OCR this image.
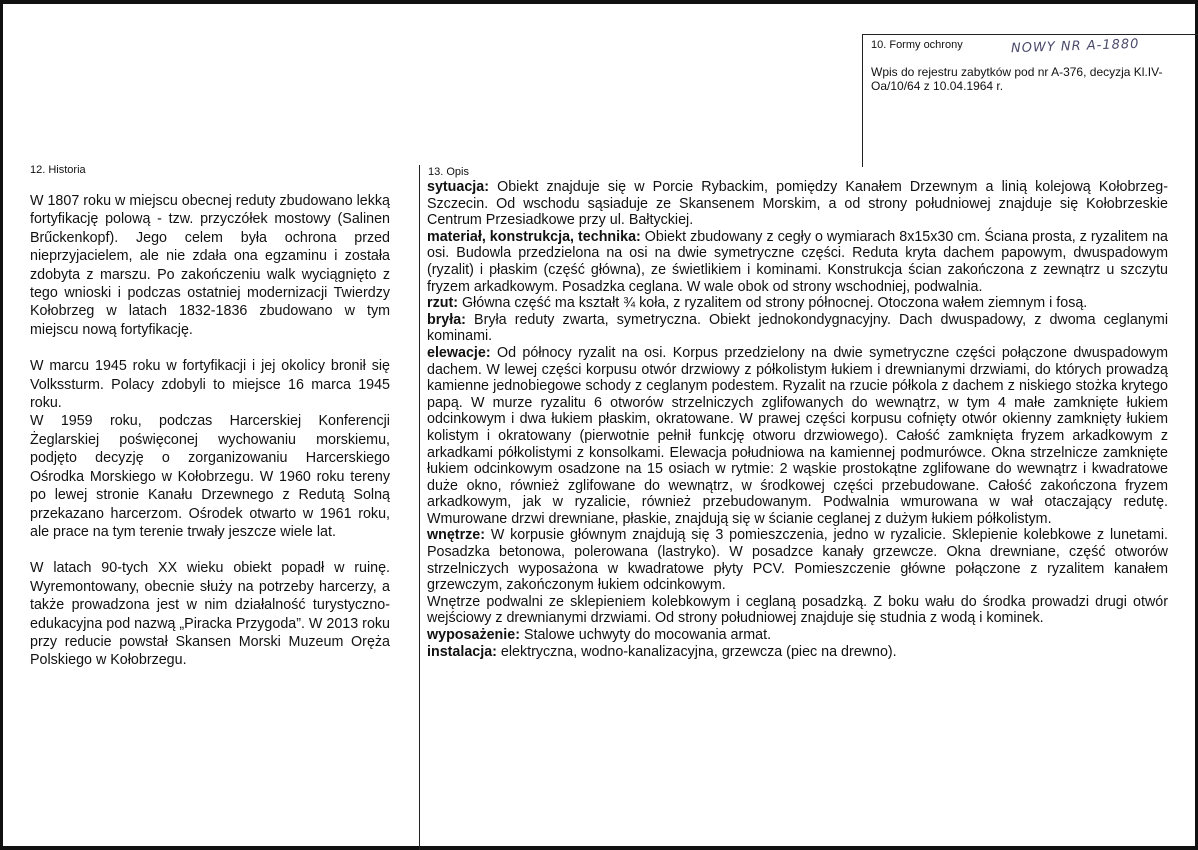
10. Formy ochrony	NOWY NR A-1880
Wpis do rejestru zabytków pod nr A-376, decyzja Kl.IV-Oa/10/64 z 10.04.1964 r.
12. Historia

W 1807 roku w miejscu obecnej reduty zbudowano lekką fortyfikację polową - tzw. przyczółek mostowy (Salinen Brűckenkopf). Jego celem była ochrona przed nieprzyjacielem, ale nie zdała ona egzaminu i została zdobyta z marszu. Po zakończeniu walk wyciągnięto z tego wnioski i podczas ostatniej modernizacji Twierdzy Kołobrzeg w latach 1832-1836 zbudowano w tym miejscu nową fortyfikację.

W marcu 1945 roku w fortyfikacji i jej okolicy bronił się Volkssturm. Polacy zdobyli to miejsce 16 marca 1945 roku.

W 1959 roku, podczas Harcerskiej Konferencji Żeglarskiej poświęconej wychowaniu morskiemu, podjęto decyzję o zorganizowaniu Harcerskiego Ośrodka Morskiego w Kołobrzegu. W 1960 roku tereny po lewej stronie Kanału Drzewnego z Redutą Solną przekazano harcerzom. Ośrodek otwarto w 1961 roku, ale prace na tym terenie trwały jeszcze wiele lat.

W latach 90-tych XX wieku obiekt popadł w ruinę. Wyremontowany, obecnie służy na potrzeby harcerzy, a także prowadzona jest w nim działalność turystyczno-edukacyjna pod nazwą „Piracka Przygoda”. W 2013 roku przy reducie powstał Skansen Morski Muzeum Oręża Polskiego w Kołobrzegu.

13. Opis

sytuacja: Obiekt znajduje się w Porcie Rybackim, pomiędzy Kanałem Drzewnym a linią kolejową Kołobrzeg-Szczecin. Od wschodu sąsiaduje ze Skansenem Morskim, a od strony południowej znajduje się Kołobrzeskie Centrum Przesiadkowe przy ul. Bałtyckiej.

materiał, konstrukcja, technika: Obiekt zbudowany z cegły o wymiarach 8x15x30 cm. Ściana prosta, z ryzalitem na osi. Budowla przedzielona na osi na dwie symetryczne części. Reduta kryta dachem papowym, dwuspadowym (ryzalit) i płaskim (część główna), ze świetlikiem i kominami. Konstrukcja ścian zakończona z zewnątrz u szczytu fryzem arkadkowym. Posadzka ceglana. W wale obok od strony wschodniej, podwalnia.

rzut: Główna część ma kształt ¾ koła, z ryzalitem od strony północnej. Otoczona wałem ziemnym i fosą.

bryła: Bryła reduty zwarta, symetryczna. Obiekt jednokondygnacyjny. Dach dwuspadowy, z dwoma ceglanymi kominami.

elewacje: Od północy ryzalit na osi. Korpus przedzielony na dwie symetryczne części połączone dwuspadowym dachem. W lewej części korpusu otwór drzwiowy z półkolistym łukiem i drewnianymi drzwiami, do których prowadzą kamienne jednobiegowe schody z ceglanym podestem. Ryzalit na rzucie półkola z dachem z niskiego stożka krytego papą. W murze ryzalitu 6 otworów strzelniczych zglifowanych do wewnątrz, w tym 4 małe zamknięte łukiem odcinkowym i dwa łukiem płaskim, okratowane. W prawej części korpusu cofnięty otwór okienny zamknięty łukiem kolistym i okratowany (pierwotnie pełnił funkcję otworu drzwiowego). Całość zamknięta fryzem arkadkowym z arkadkami półkolistymi z konsolkami. Elewacja południowa na kamiennej podmurówce. Okna strzelnicze zamknięte łukiem odcinkowym osadzone na 15 osiach w rytmie: 2 wąskie prostokątne zglifowane do wewnątrz i kwadratowe duże okno, również zglifowane do wewnątrz, w środkowej części przebudowane. Całość zakończona fryzem arkadkowym, jak w ryzalicie, również przebudowanym. Podwalnia wmurowana w wał otaczający redutę. Wmurowane drzwi drewniane, płaskie, znajdują się w ścianie ceglanej z dużym łukiem półkolistym.

wnętrze: W korpusie głównym znajdują się 3 pomieszczenia, jedno w ryzalicie. Sklepienie kolebkowe z lunetami. Posadzka betonowa, polerowana (lastryko). W posadzce kanały grzewcze. Okna drewniane, część otworów strzelniczych wyposażona w kwadratowe płyty PCV. Pomieszczenie główne połączone z ryzalitem kanałem grzewczym, zakończonym łukiem odcinkowym.

Wnętrze podwalni ze sklepieniem kolebkowym i ceglaną posadzką. Z boku wału do środka prowadzi drugi otwór wejściowy z drewnianymi drzwiami. Od strony południowej znajduje się studnia z wodą i kominek.

wyposażenie: Stalowe uchwyty do mocowania armat.

instalacja: elektryczna, wodno-kanalizacyjna, grzewcza (piec na drewno).
